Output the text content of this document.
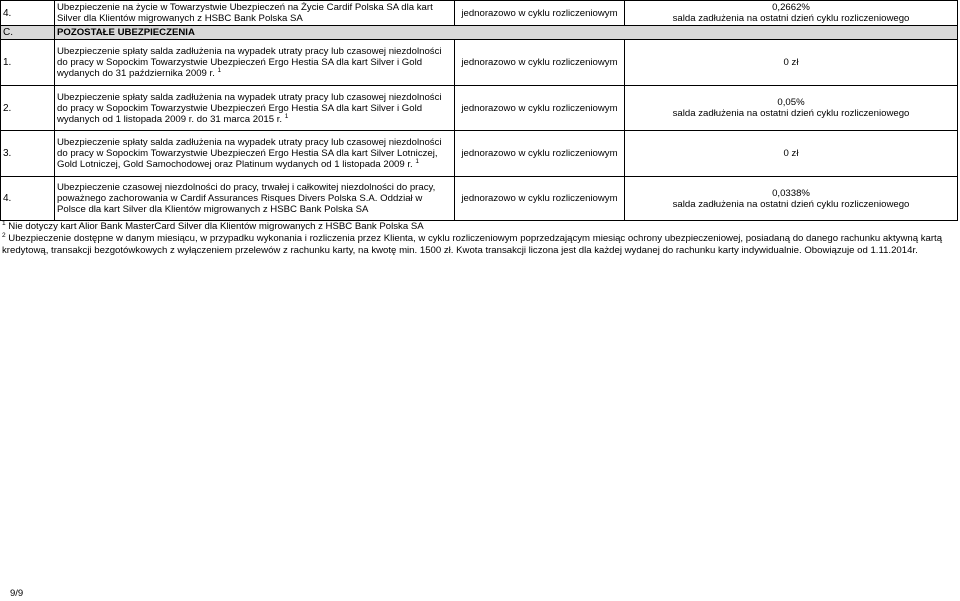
4.	Ubezpieczenie na życie w Towarzystwie Ubezpieczeń na Życie Cardif Polska SA dla kart Silver dla Klientów migrowanych z HSBC Bank Polska SA	jednorazowo w cyklu rozliczeniowym	0,2662%
salda zadłużenia na ostatni dzień cyklu rozliczeniowego

C.	POZOSTAŁE UBEZPIECZENIA		
1.	Ubezpieczenie spłaty salda zadłużenia na wypadek utraty pracy lub czasowej niezdolności do pracy w Sopockim Towarzystwie Ubezpieczeń Ergo Hestia SA dla kart Silver i Gold wydanych do 31 października 2009 r. $^1$	jednorazowo w cyklu rozliczeniowym	0 zł

2.	Ubezpieczenie spłaty salda zadłużenia na wypadek utraty pracy lub czasowej niezdolności do pracy w Sopockim Towarzystwie Ubezpieczeń Ergo Hestia SA dla kart Silver i Gold wydanych od 1 listopada 2009 r. do 31 marca 2015 r. $^1$	jednorazowo w cyklu rozliczeniowym	0,05%
salda zadłużenia na ostatni dzień cyklu rozliczeniowego

3.	Ubezpieczenie spłaty salda zadłużenia na wypadek utraty pracy lub czasowej niezdolności do pracy w Sopockim Towarzystwie Ubezpieczeń Ergo Hestia SA dla kart Silver Lotniczej, Gold Lotniczej, Gold Samochodowej oraz Platinum wydanych od 1 listopada 2009 r. $^1$	jednorazowo w cyklu rozliczeniowym	0 zł

4.	Ubezpieczenie czasowej niezdolności do pracy, trwałej i całkowitej niezdolności do pracy, poważnego zachorowania w Cardif Assurances Risques Divers Polska S.A. Oddział w Polsce dla kart Silver dla Klientów migrowanych z HSBC Bank Polska SA	jednorazowo w cyklu rozliczeniowym	0,0338%
salda zadłużenia na ostatni dzień cyklu rozliczeniowego

$^1$ Nie dotyczy kart Alior Bank MasterCard Silver dla Klientów migrowanych z HSBC Bank Polska SA

$^2$ Ubezpieczenie dostępne w danym miesiącu, w przypadku wykonania i rozliczenia przez Klienta, w cyklu rozliczeniowym poprzedzającym miesiąc ochrony ubezpieczeniowej, posiadaną do danego rachunku aktywną kartą kredytową, transakcji bezgotówkowych z wyłączeniem przelewów z rachunku karty, na kwotę min. 1500 zł. Kwota transakcji liczona jest dla każdej wydanej do rachunku karty indywidualnie. Obowiązuje od 1.11.2014r.

9/9
